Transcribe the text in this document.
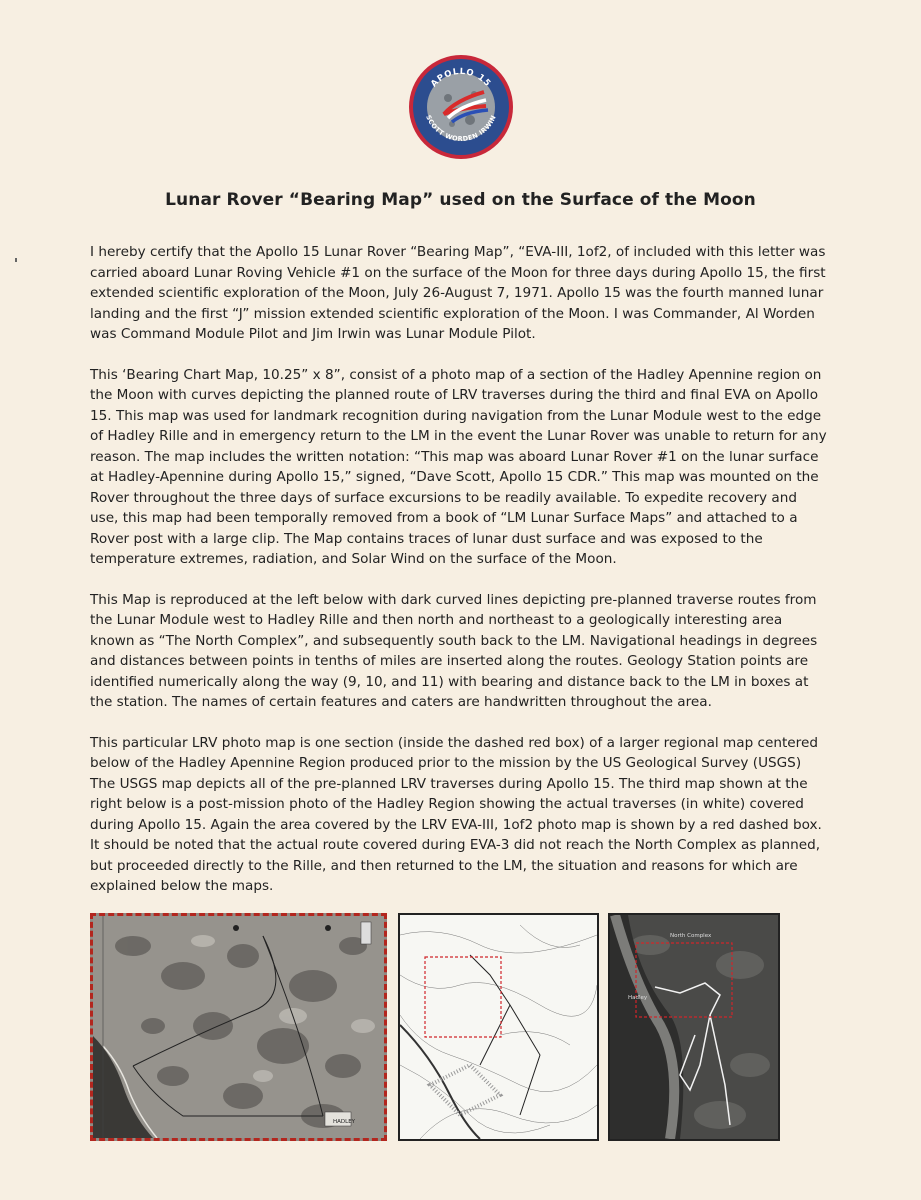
APOLLO 15
SCOTT WORDEN IRWIN
Lunar Rover “Bearing Map” used on the Surface of the Moon

I hereby certify that the Apollo 15 Lunar Rover “Bearing Map”, “EVA-III, 1of2, of included with this letter was carried aboard Lunar Roving Vehicle #1 on the surface of the Moon for three days during Apollo 15, the first extended scientific exploration of the Moon, July 26-August 7, 1971. Apollo 15 was the fourth manned lunar landing and the first “J” mission extended scientific exploration of the Moon. I was Commander, Al Worden was Command Module Pilot and Jim Irwin was Lunar Module Pilot.

This ‘Bearing Chart Map, 10.25” x 8”, consist of a photo map of a section of the Hadley Apennine region on the Moon with curves depicting the planned route of LRV traverses during the third and final EVA on Apollo 15. This map was used for landmark recognition during navigation from the Lunar Module west to the edge of Hadley Rille and in emergency return to the LM in the event the Lunar Rover was unable to return for any reason. The map includes the written notation: “This map was aboard Lunar Rover #1 on the lunar surface at Hadley-Apennine during Apollo 15,” signed, “Dave Scott, Apollo 15 CDR.” This map was mounted on the Rover throughout the three days of surface excursions to be readily available. To expedite recovery and use, this map had been temporally removed from a book of “LM Lunar Surface Maps” and attached to a Rover post with a large clip. The Map contains traces of lunar dust surface and was exposed to the temperature extremes, radiation, and Solar Wind on the surface of the Moon.

This Map is reproduced at the left below with dark curved lines depicting pre-planned traverse routes from the Lunar Module west to Hadley Rille and then north and northeast to a geologically interesting area known as “The North Complex”, and subsequently south back to the LM. Navigational headings in degrees and distances between points in tenths of miles are inserted along the routes. Geology Station points are identified numerically along the way (9, 10, and 11) with bearing and distance back to the LM in boxes at the station. The names of certain features and caters are handwritten throughout the area.

This particular LRV photo map is one section (inside the dashed red box) of a larger regional map centered below of the Hadley Apennine Region produced prior to the mission by the US Geological Survey (USGS) The USGS map depicts all of the pre-planned LRV traverses during Apollo 15. The third map shown at the right below is a post-mission photo of the Hadley Region showing the actual traverses (in white) covered during Apollo 15. Again the area covered by the LRV EVA-III, 1of2 photo map is shown by a red dashed box. It should be noted that the actual route covered during EVA-3 did not reach the North Complex as planned, but proceeded directly to the Rille, and then returned to the LM, the situation and reasons for which are explained below the maps.

HADLEY
North Complex
Hadley
